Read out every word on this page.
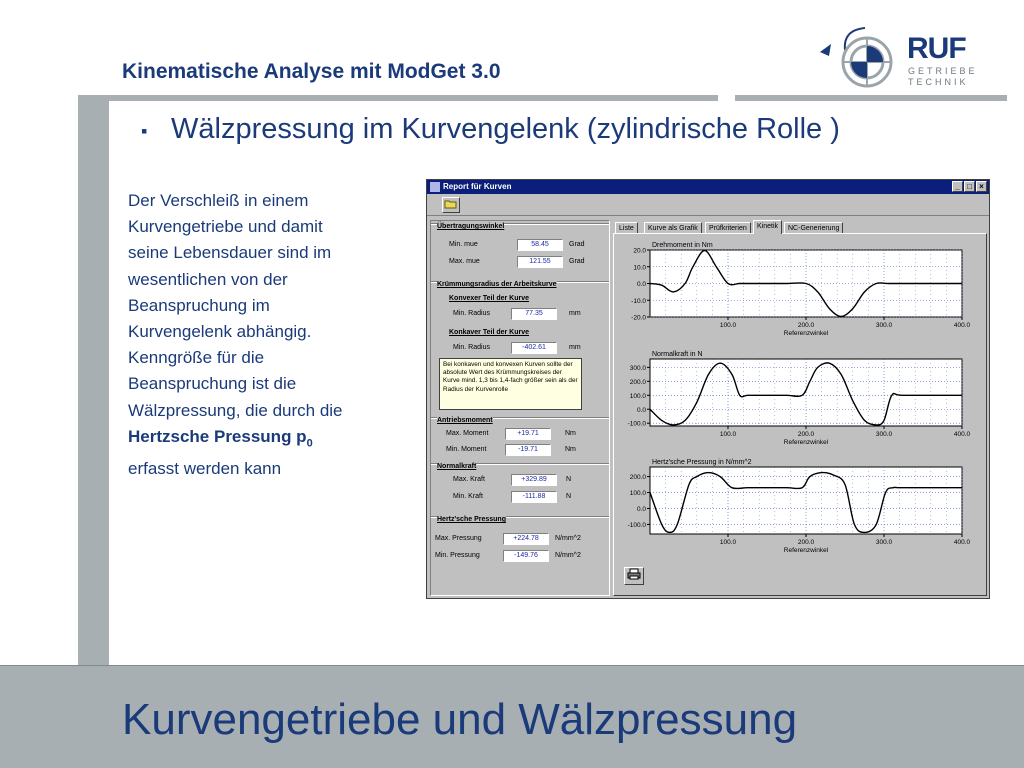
Kinematische Analyse mit ModGet 3.0
RUF
GETRIEBE
TECHNIK
▪ Wälzpressung im Kurvengelenk (zylindrische Rolle )
Der Verschleiß in einem
Kurvengetriebe und damit
seine Lebensdauer sind im
wesentlichen von der
Beanspruchung im
Kurvengelenk abhängig.
Kenngröße für die
Beanspruchung ist die
Wälzpressung, die durch die
Hertzsche Pressung $p_0$
erfasst werden kann
Report für Kurven	_ □ ×
Übertragungswinkel
Min. mue	58.45	Grad
Max. mue	121.55	Grad
Krümmungsradius der Arbeitskurve
Konvexer Teil der Kurve
Min. Radius	77.35	mm
Konkaver Teil der Kurve
Min. Radius	-402.61	mm
Bei konkaven und konvexen Kurven sollte der absolute Wert des Krümmungskreises der Kurve mind. 1,3 bis 1,4-fach größer sein als der Radius der Kurvenrolle
Antriebsmoment
Max. Moment	+19.71	Nm
Min. Moment	-19.71	Nm
Normalkraft
Max. Kraft	+329.89	N
Min. Kraft	-111.88	N
Hertz'sche Pressung
Max. Pressung	+224.78	N/mm^2
Min. Pressung	-149.76	N/mm^2
Liste	Kurve als Grafik	Prüfkriterien	Kinetik	NC-Generierung
Drehmoment in Nm
20.0
10.0
0.0
-10.0
-20.0
100.0	200.0	300.0	400.0
Referenzwinkel
Normalkraft in N
300.0
200.0
100.0
0.0
-100.0
100.0	200.0	300.0	400.0
Referenzwinkel
Hertz'sche Pressung in N/mm^2
200.0
100.0
0.0
-100.0
100.0	200.0	300.0	400.0
Referenzwinkel
Kurvengetriebe und Wälzpressung
